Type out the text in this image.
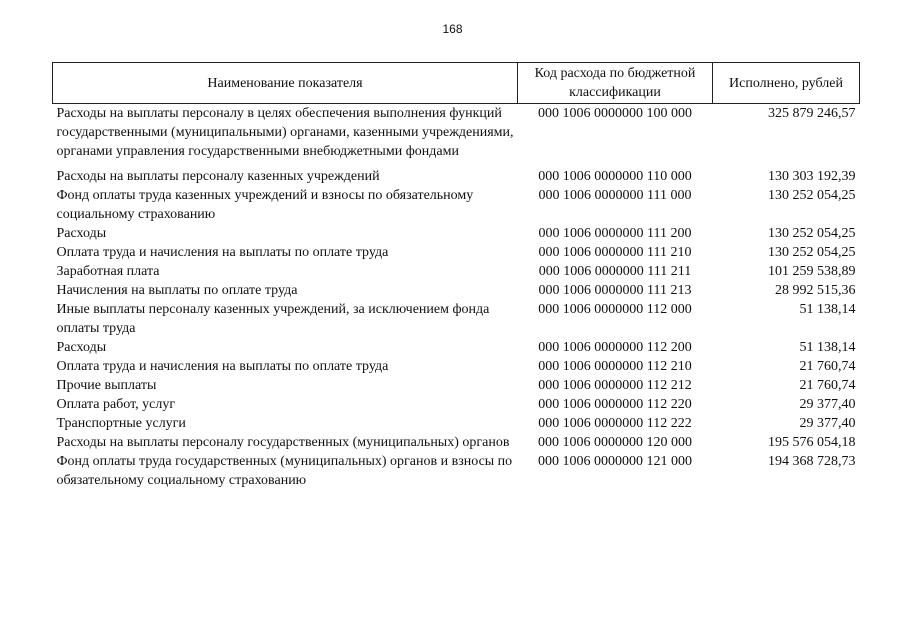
168
Наименование показателя	Код расхода по бюджетной классификации	Исполнено, рублей
Расходы на выплаты персоналу в целях обеспечения выполнения функций государственными (муниципальными) органами, казенными учреждениями, органами управления государственными внебюджетными фондами	000 1006 0000000 100 000	325 879 246,57
Расходы на выплаты персоналу казенных учреждений	000 1006 0000000 110 000	130 303 192,39
Фонд оплаты труда казенных учреждений и взносы по обязательному социальному страхованию	000 1006 0000000 111 000	130 252 054,25
Расходы	000 1006 0000000 111 200	130 252 054,25
Оплата труда и начисления на выплаты по оплате труда	000 1006 0000000 111 210	130 252 054,25
Заработная плата	000 1006 0000000 111 211	101 259 538,89
Начисления на выплаты по оплате труда	000 1006 0000000 111 213	28 992 515,36
Иные выплаты персоналу казенных учреждений, за исключением фонда оплаты труда	000 1006 0000000 112 000	51 138,14
Расходы	000 1006 0000000 112 200	51 138,14
Оплата труда и начисления на выплаты по оплате труда	000 1006 0000000 112 210	21 760,74
Прочие выплаты	000 1006 0000000 112 212	21 760,74
Оплата работ, услуг	000 1006 0000000 112 220	29 377,40
Транспортные услуги	000 1006 0000000 112 222	29 377,40
Расходы на выплаты персоналу государственных (муниципальных) органов	000 1006 0000000 120 000	195 576 054,18
Фонд оплаты труда государственных (муниципальных) органов и взносы по обязательному социальному страхованию	000 1006 0000000 121 000	194 368 728,73
